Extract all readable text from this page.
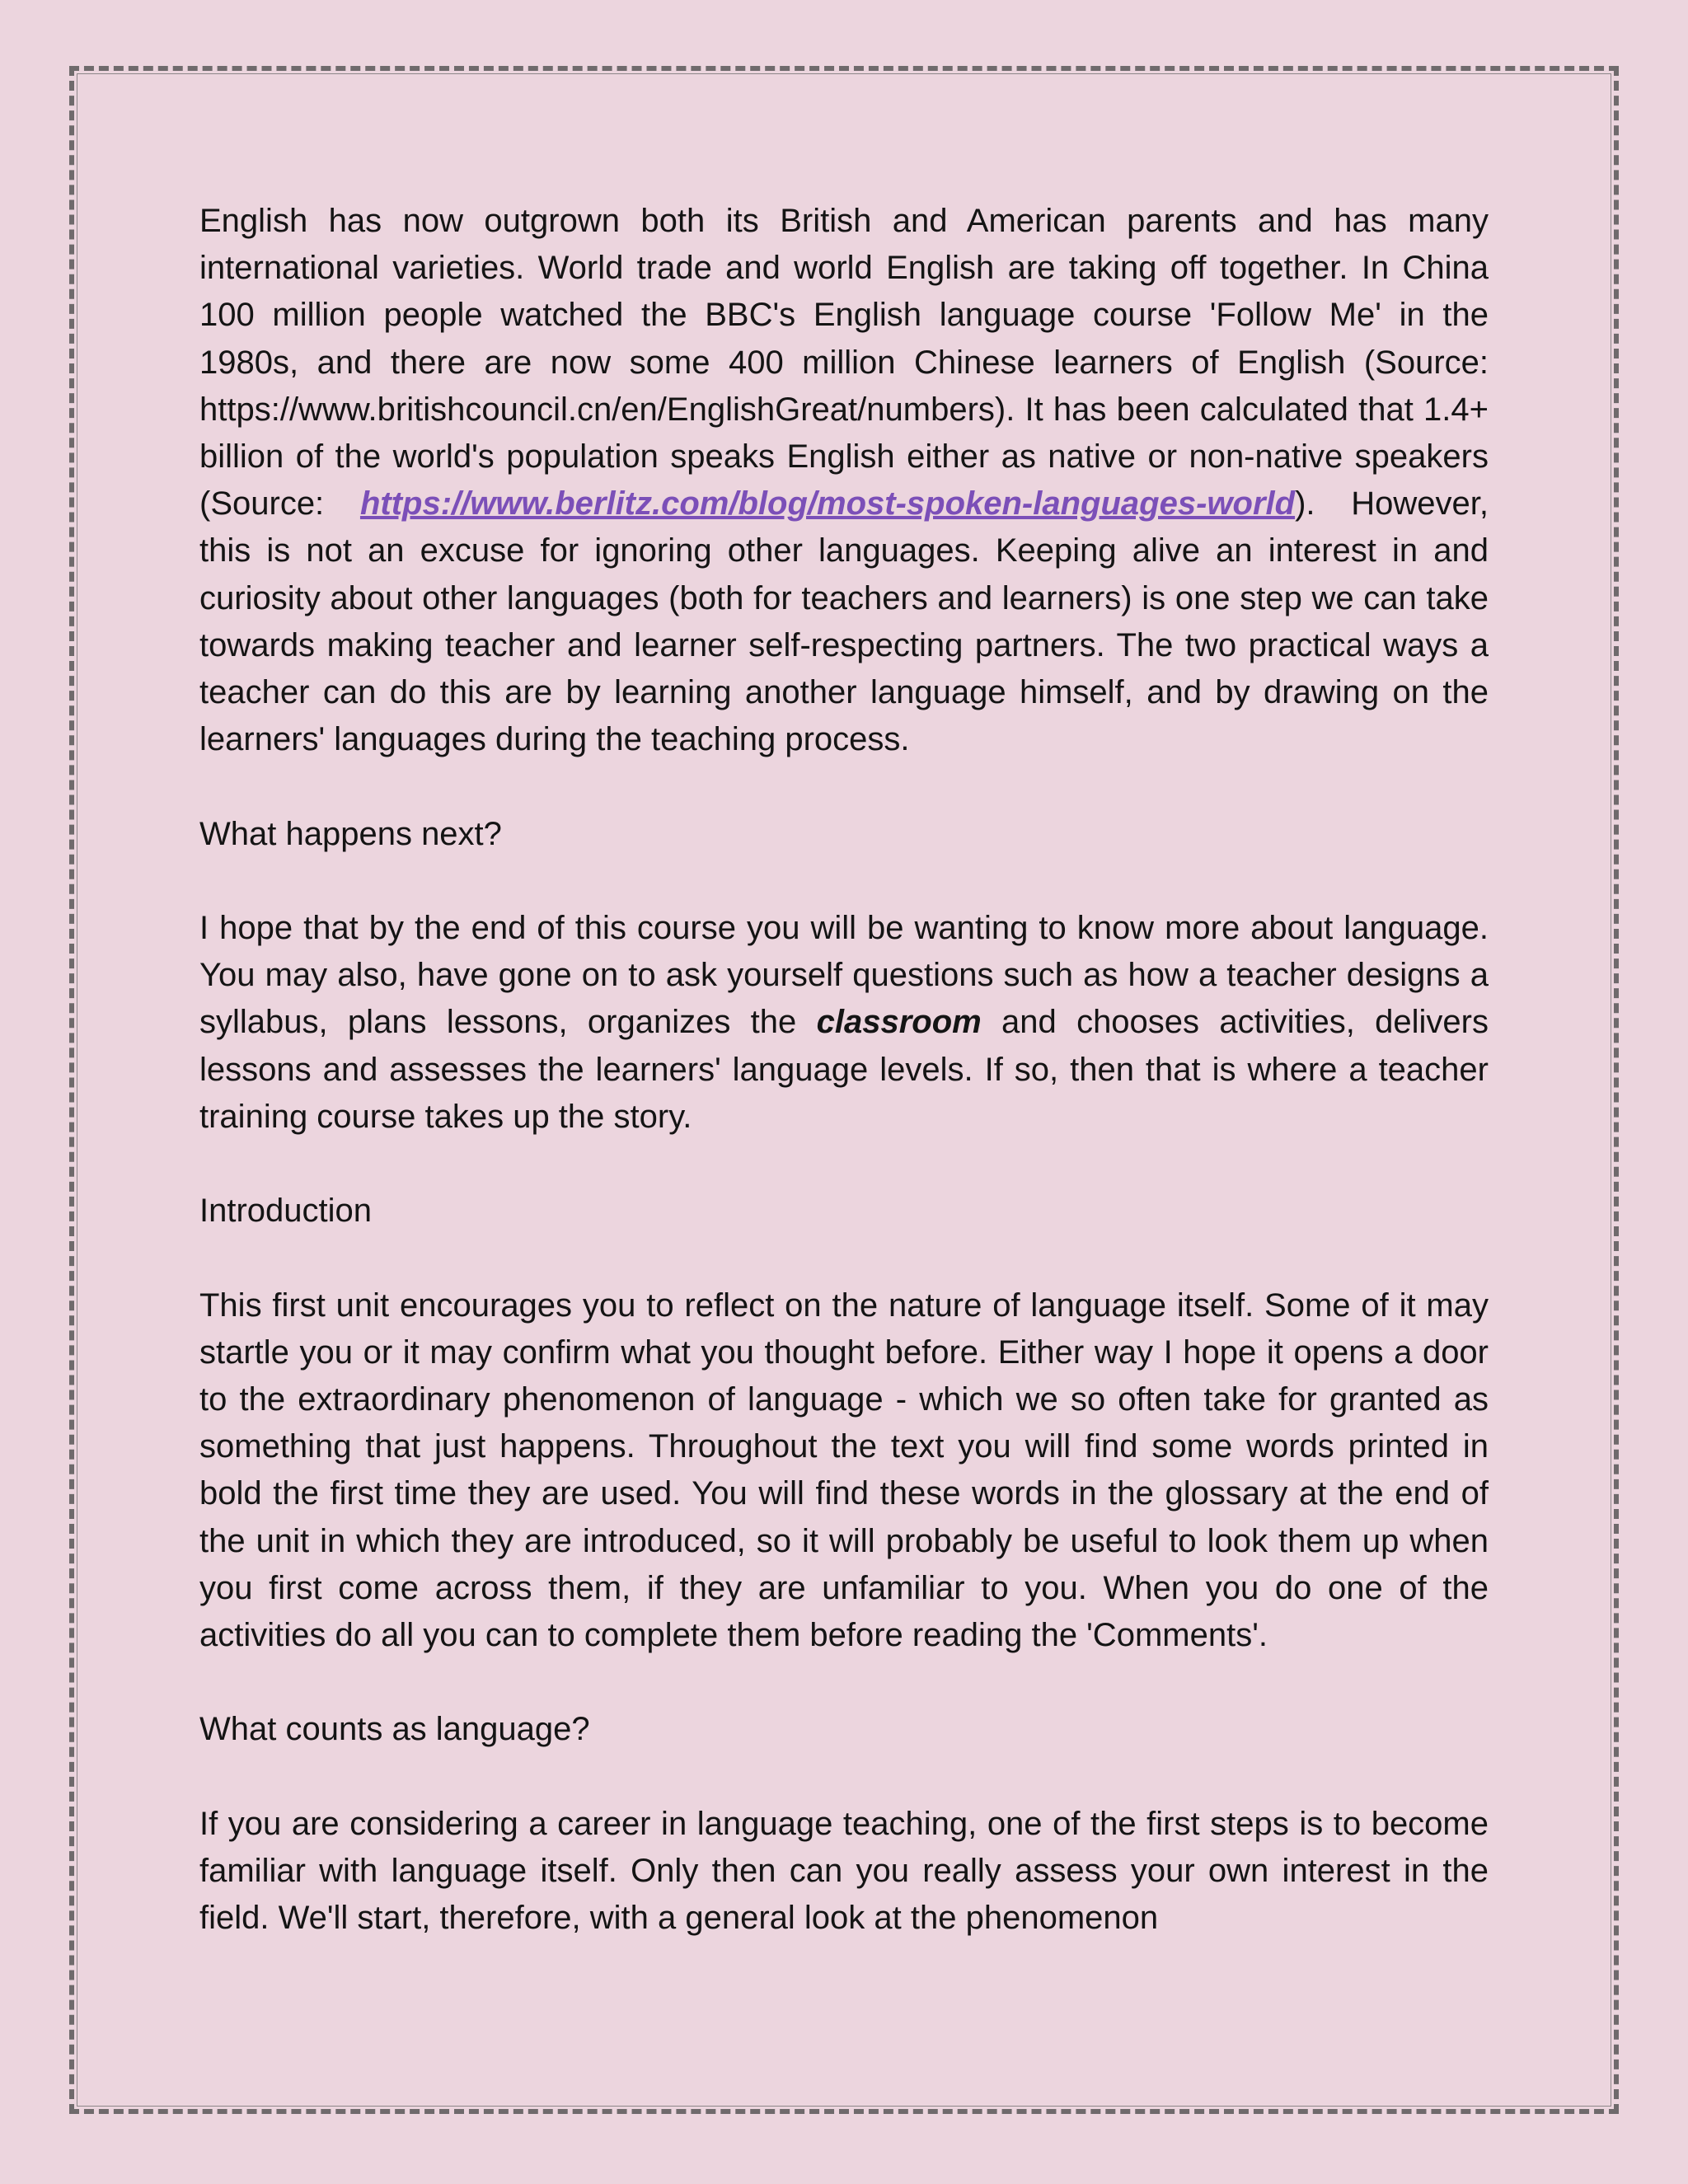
English has now outgrown both its British and American parents and has many international varieties. World trade and world English are taking off together. In China 100 million people watched the BBC's English language course 'Follow Me' in the 1980s, and there are now some 400 million Chinese learners of English (Source: https://www.britishcouncil.cn/en/EnglishGreat/numbers). It has been calculated that 1.4+ billion of the world's population speaks English either as native or non-native speakers (Source: https://www.berlitz.com/blog/most-spoken-languages-world). However, this is not an excuse for ignoring other languages. Keeping alive an interest in and curiosity about other languages (both for teachers and learners) is one step we can take towards making teacher and learner self-respecting partners. The two practical ways a teacher can do this are by learning another language himself, and by drawing on the learners' languages during the teaching process.

What happens next?

I hope that by the end of this course you will be wanting to know more about language. You may also, have gone on to ask yourself questions such as how a teacher designs a syllabus, plans lessons, organizes the classroom and chooses activities, delivers lessons and assesses the learners' language levels. If so, then that is where a teacher training course takes up the story.

Introduction

This first unit encourages you to reflect on the nature of language itself. Some of it may startle you or it may confirm what you thought before. Either way I hope it opens a door to the extraordinary phenomenon of language - which we so often take for granted as something that just happens. Throughout the text you will find some words printed in bold the first time they are used. You will find these words in the glossary at the end of the unit in which they are introduced, so it will probably be useful to look them up when you first come across them, if they are unfamiliar to you. When you do one of the activities do all you can to complete them before reading the 'Comments'.

What counts as language?

If you are considering a career in language teaching, one of the first steps is to become familiar with language itself. Only then can you really assess your own interest in the field. We'll start, therefore, with a general look at the phenomenon
